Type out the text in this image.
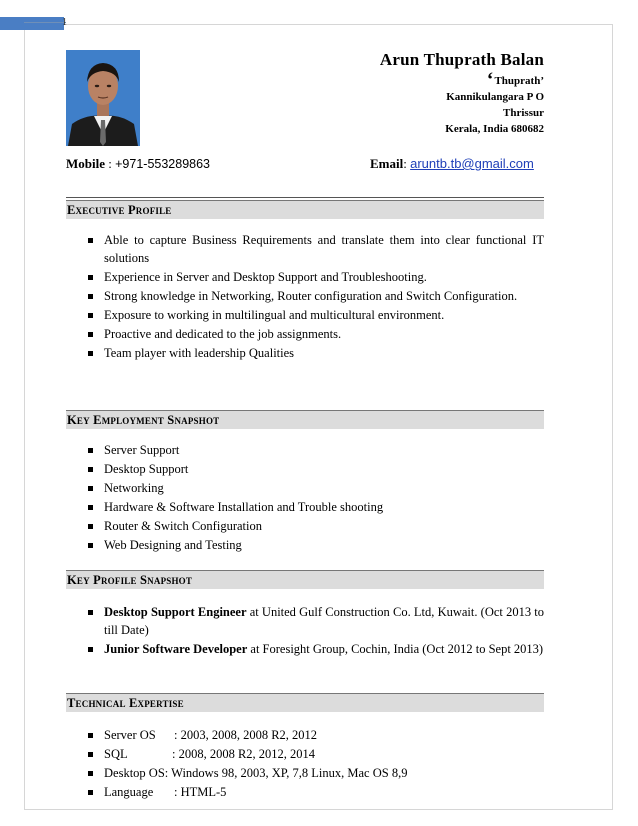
1
Arun Thuprath Balan
‘Thuprath’
Kannikulangara P O
Thrissur
Kerala, India 680682
Mobile : +971-553289863	Email: aruntb.tb@gmail.com
Executive Profile
Able to capture Business Requirements and translate them into clear functional IT solutions
Experience in Server and Desktop Support and Troubleshooting.
Strong knowledge in Networking, Router configuration and Switch Configuration.
Exposure to working in multilingual and multicultural environment.
Proactive and dedicated to the job assignments.
Team player with leadership Qualities
Key Employment Snapshot
Server Support
Desktop Support
Networking
Hardware & Software Installation and Trouble shooting
Router & Switch Configuration
Web Designing and Testing
Key Profile Snapshot
Desktop Support Engineer at United Gulf Construction Co. Ltd, Kuwait. (Oct 2013 to till Date)
Junior Software Developer at Foresight Group, Cochin, India (Oct 2012 to Sept 2013)
Technical Expertise
Server OS : 2003, 2008, 2008 R2, 2012
SQL	: 2008, 2008 R2, 2012, 2014
Desktop OS: Windows 98, 2003, XP, 7,8 Linux, Mac OS 8,9
Language : HTML-5
